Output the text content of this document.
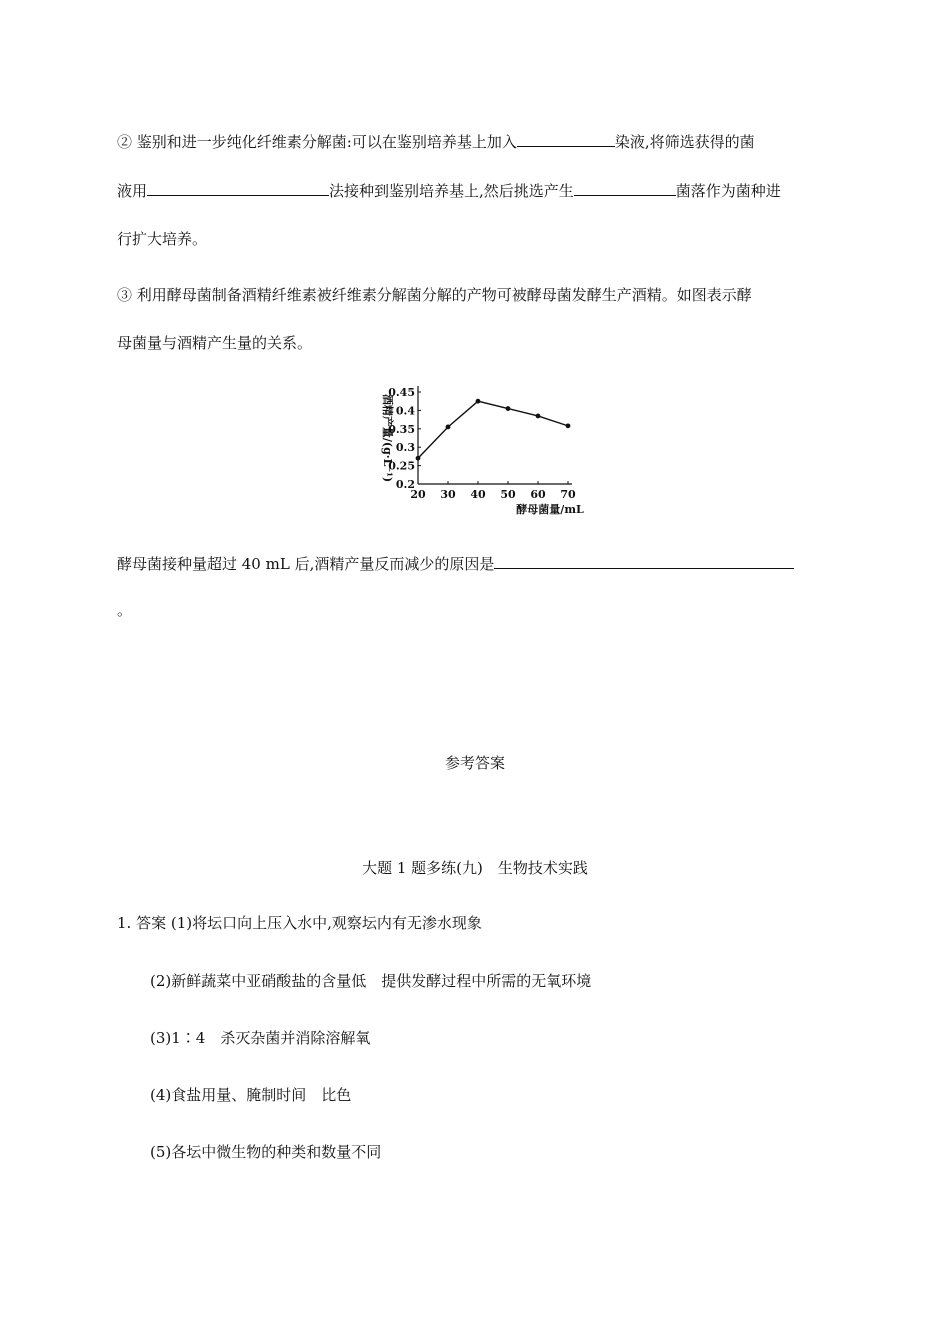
② 鉴别和进一步纯化纤维素分解菌:可以在鉴别培养基上加入	染液,将筛选获得的菌
液用	法接种到鉴别培养基上,然后挑选产生	菌落作为菌种进
行扩大培养。
③ 利用酵母菌制备酒精纤维素被纤维素分解菌分解的产物可被酵母菌发酵生产酒精。如图表示酵
母菌量与酒精产生量的关系。
0.2
0.25
0.3
0.35
0.4
0.45
20 30 40 50 60 70
酵母菌量/mL
酒精产量/(g·L⁻¹)
酵母菌接种量超过 40 mL 后,酒精产量反而减少的原因是
。
参考答案
大题 1 题多练(九)　生物技术实践
1. 答案 (1)将坛口向上压入水中,观察坛内有无渗水现象
(2)新鲜蔬菜中亚硝酸盐的含量低　提供发酵过程中所需的无氧环境
(3)1∶4　杀灭杂菌并消除溶解氧
(4)食盐用量、腌制时间　比色
(5)各坛中微生物的种类和数量不同
